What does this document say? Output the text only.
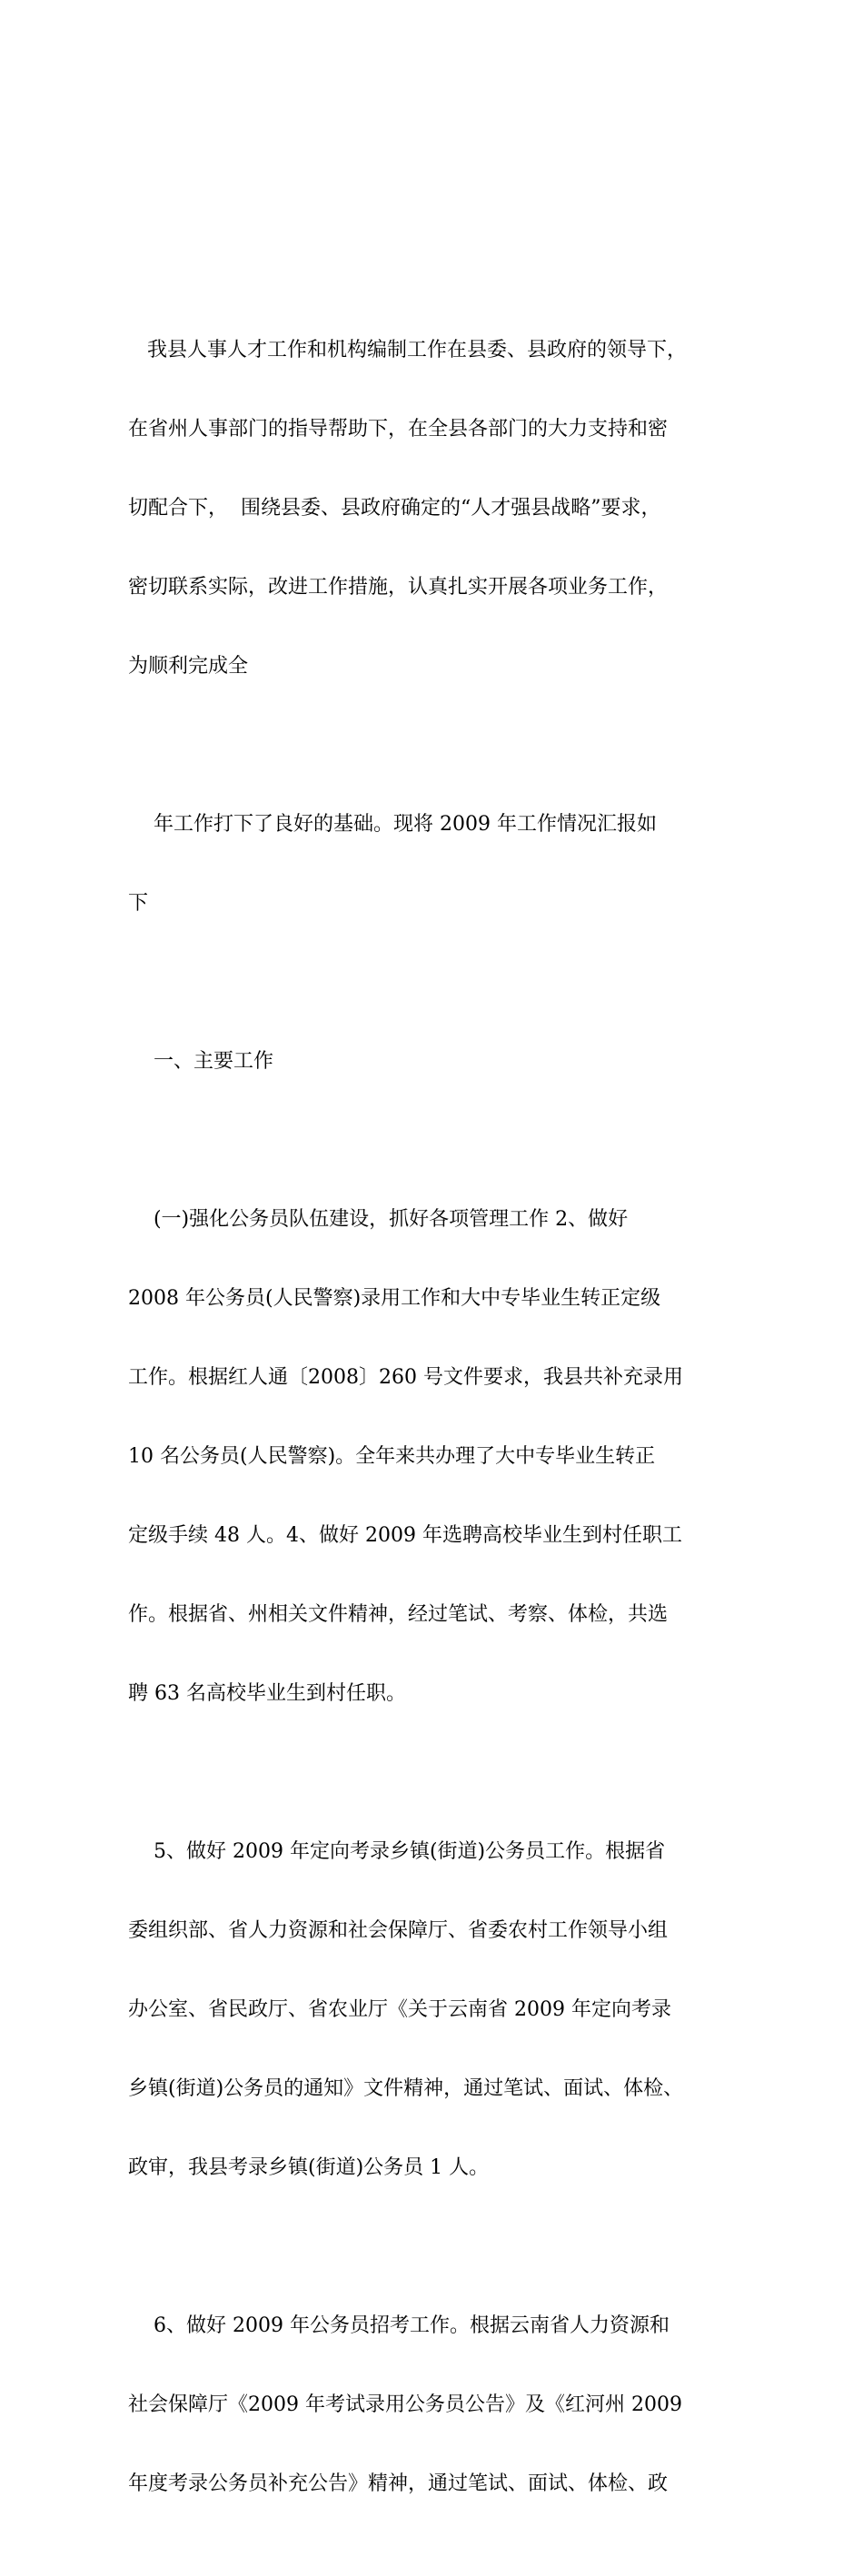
我县人事人才工作和机构编制工作在县委、县政府的领导下，

在省州人事部门的指导帮助下，在全县各部门的大力支持和密

切配合下，  围绕县委、县政府确定的“人才强县战略”要求，

密切联系实际，改进工作措施，认真扎实开展各项业务工作，

为顺利完成全

年工作打下了良好的基础。现将 2009 年工作情况汇报如

下

一、主要工作

(一)强化公务员队伍建设，抓好各项管理工作 2、做好

2008 年公务员(人民警察)录用工作和大中专毕业生转正定级

工作。根据红人通〔2008〕260 号文件要求，我县共补充录用

10 名公务员(人民警察)。全年来共办理了大中专毕业生转正

定级手续 48 人。4、做好 2009 年选聘高校毕业生到村任职工

作。根据省、州相关文件精神，经过笔试、考察、体检，共选

聘 63 名高校毕业生到村任职。

5、做好 2009 年定向考录乡镇(街道)公务员工作。根据省

委组织部、省人力资源和社会保障厅、省委农村工作领导小组

办公室、省民政厅、省农业厅《关于云南省 2009 年定向考录

乡镇(街道)公务员的通知》文件精神，通过笔试、面试、体检、

政审，我县考录乡镇(街道)公务员 1 人。

6、做好 2009 年公务员招考工作。根据云南省人力资源和

社会保障厅《2009 年考试录用公务员公告》及《红河州 2009

年度考录公务员补充公告》精神，通过笔试、面试、体检、政
